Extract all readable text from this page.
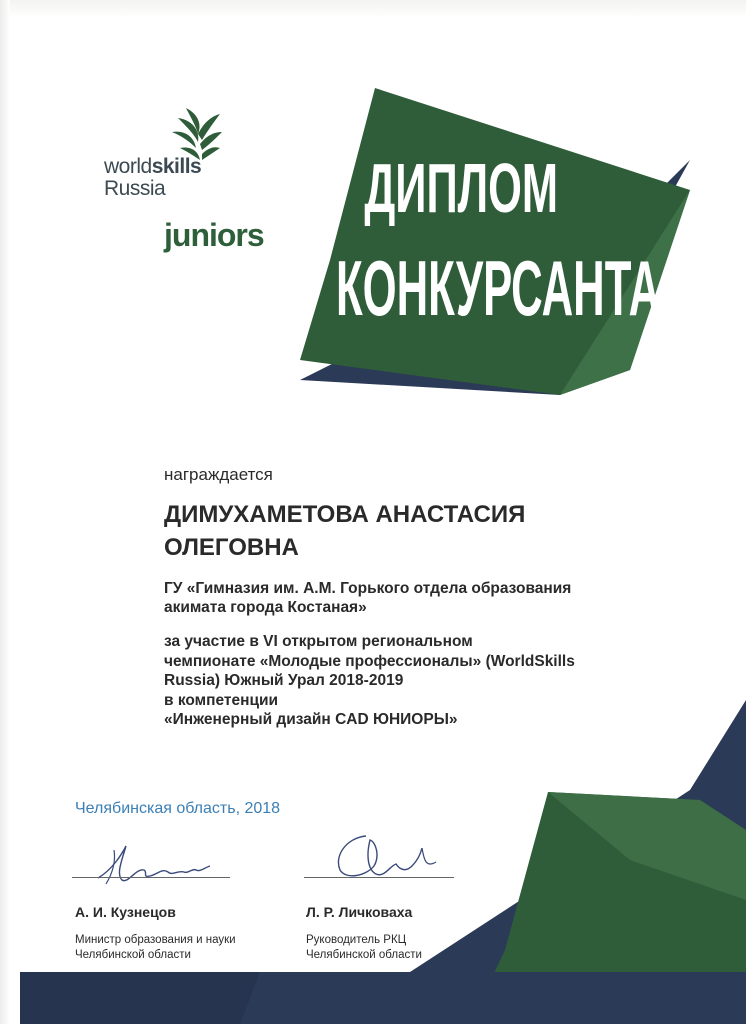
worldskills
Russia
juniors
ДИПЛОМ
КОНКУРСАНТА
награждается
ДИМУХАМЕТОВА АНАСТАСИЯ
ОЛЕГОВНА
ГУ «Гимназия им. А.М. Горького отдела образования
акимата города Костаная»
за участие в VI открытом региональном
чемпионате «Молодые профессионалы» (WorldSkills
Russia) Южный Урал 2018-2019
в компетенции
«Инженерный дизайн CAD ЮНИОРЫ»
Челябинская область, 2018
А. И. Кузнецов
Министр образования и науки
Челябинской области
Л. Р. Личковаха
Руководитель РКЦ
Челябинской области
